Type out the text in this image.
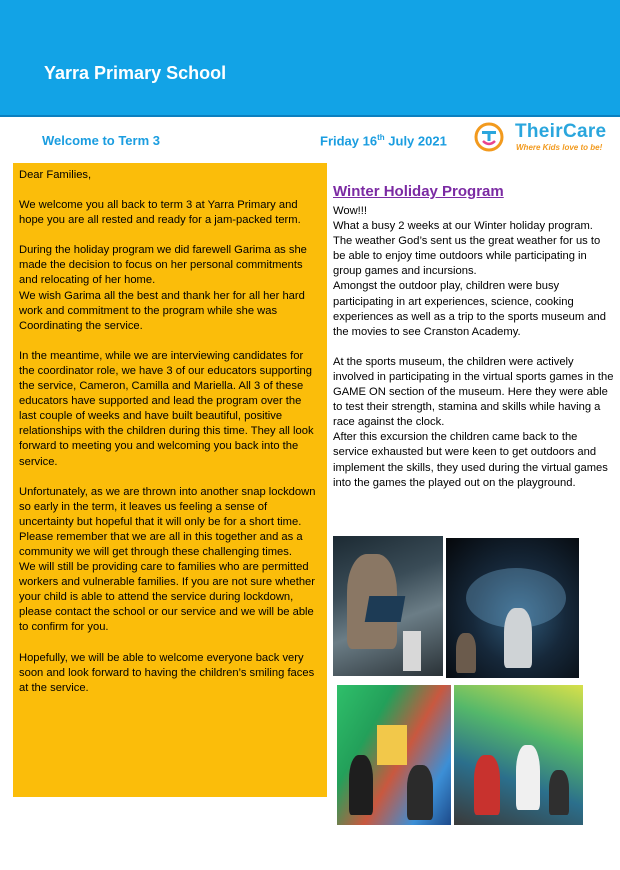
Yarra Primary School
Welcome to Term 3	Friday 16th July 2021	TheirCare
Where Kids love to be!

Dear Families,

We welcome you all back to term 3 at Yarra Primary and hope you are all rested and ready for a jam-packed term.

During the holiday program we did farewell Garima as she made the decision to focus on her personal commitments and relocating of her home.

We wish Garima all the best and thank her for all her hard work and commitment to the program while she was Coordinating the service.

In the meantime, while we are interviewing candidates for the coordinator role, we have 3 of our educators supporting the service, Cameron, Camilla and Mariella. All 3 of these educators have supported and lead the program over the last couple of weeks and have built beautiful, positive relationships with the children during this time. They all look forward to meeting you and welcoming you back into the service.

Unfortunately, as we are thrown into another snap lockdown so early in the term, it leaves us feeling a sense of uncertainty but hopeful that it will only be for a short time. Please remember that we are all in this together and as a community we will get through these challenging times.

We will still be providing care to families who are permitted workers and vulnerable families. If you are not sure whether your child is able to attend the service during lockdown, please contact the school or our service and we will be able to confirm for you.

Hopefully, we will be able to welcome everyone back very soon and look forward to having the children’s smiling faces at the service.

Winter Holiday Program

Wow!!!

What a busy 2 weeks at our Winter holiday program.

The weather God’s sent us the great weather for us to be able to enjoy time outdoors while participating in group games and incursions.

Amongst the outdoor play, children were busy participating in art experiences, science, cooking experiences as well as a trip to the sports museum and the movies to see Cranston Academy.

At the sports museum, the children were actively involved in participating in the virtual sports games in the GAME ON section of the museum. Here they were able to test their strength, stamina and skills while having a race against the clock.

After this excursion the children came back to the service exhausted but were keen to get outdoors and implement the skills, they used during the virtual games into the games the played out on the playground.
